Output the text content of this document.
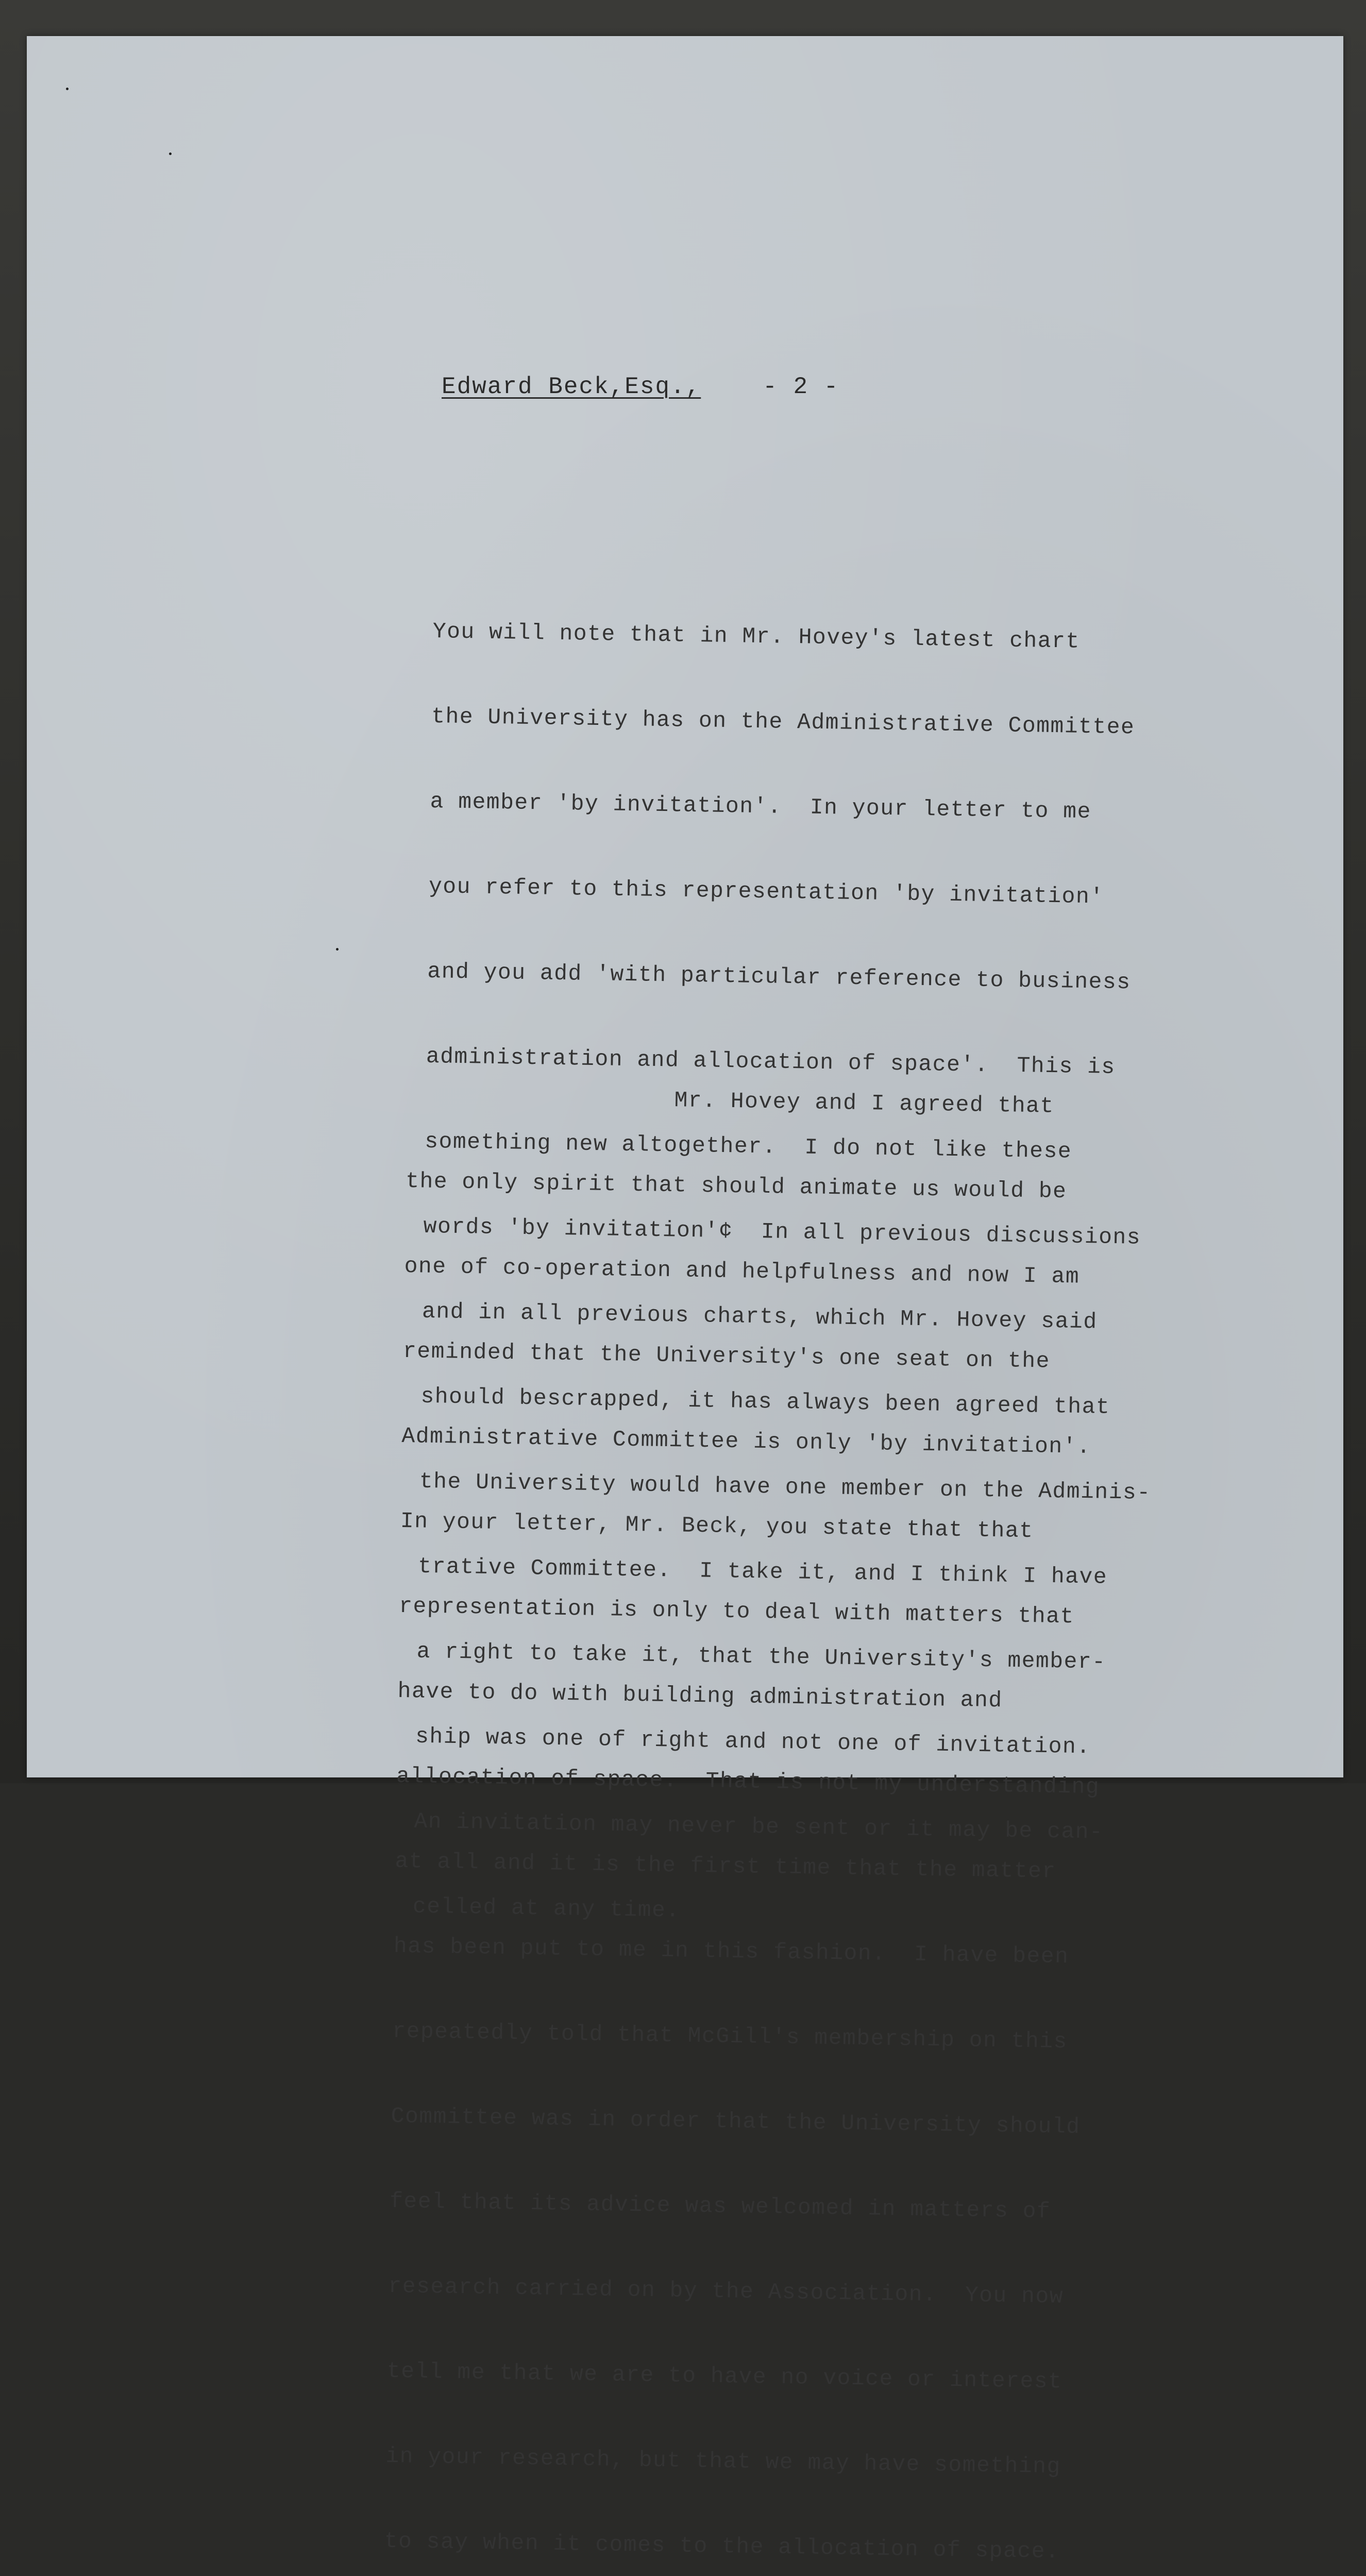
Edward Beck,Esq.,	- 2 -

You will note that in Mr. Hovey's latest chart

the University has on the Administrative Committee

a member 'by invitation'.  In your letter to me

you refer to this representation 'by invitation'

and you add 'with particular reference to business

administration and allocation of space'.  This is

something new altogether.  I do not like these

words 'by invitation'¢  In all previous discussions

and in all previous charts, which Mr. Hovey said

should bescrapped, it has always been agreed that

the University would have one member on the Adminis-

trative Committee.  I take it, and I think I have

a right to take it, that the University's member-

ship was one of right and not one of invitation.

An invitation may never be sent or it may be can-

celled at any time.

Mr. Hovey and I agreed that

the only spirit that should animate us would be

one of co-operation and helpfulness and now I am

reminded that the University's one seat on the

Administrative Committee is only 'by invitation'.

In your letter, Mr. Beck, you state that that

representation is only to deal with matters that

have to do with building administration and

allocation of space.  That is not my understanding

at all and it is the first time that the matter

has been put to me in this fashion.  I have been

repeatedly told that McGill's membership on this

Committee was in order that the University should

feel that its advice was welcomed in matters of

research carried on by the Association.  You now

tell me that we are to have no voice or interest

in your research, but that we may have something

to say when it comes to the allocation of space.
